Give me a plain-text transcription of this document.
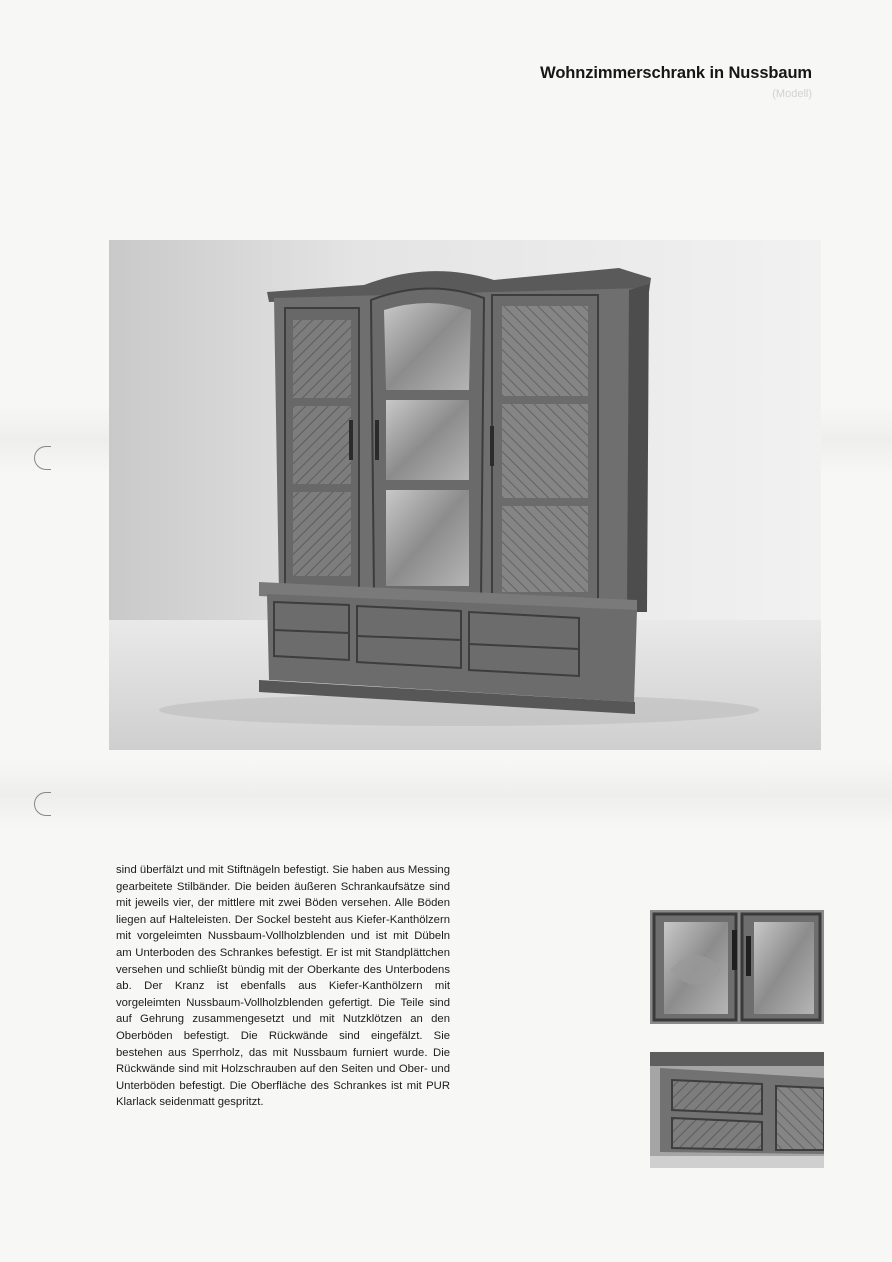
Wohnzimmerschrank in Nussbaum
(Modell)

sind überfälzt und mit Stiftnägeln befestigt. Sie haben aus Messing gearbeitete Stilbänder. Die beiden äußeren Schrankaufsätze sind mit jeweils vier, der mittlere mit zwei Böden versehen. Alle Böden liegen auf Halteleisten. Der Sockel besteht aus Kiefer-Kanthölzern mit vorgeleimten Nussbaum-Vollholzblenden und ist mit Dübeln am Unterboden des Schrankes befestigt. Er ist mit Standplättchen versehen und schließt bündig mit der Oberkante des Unterbodens ab. Der Kranz ist ebenfalls aus Kiefer-Kanthölzern mit vorgeleimten Nussbaum-Vollholzblenden gefertigt. Die Teile sind auf Gehrung zusammengesetzt und mit Nutzklötzen an den Oberböden befestigt. Die Rückwände sind eingefälzt. Sie bestehen aus Sperrholz, das mit Nussbaum furniert wurde. Die Rückwände sind mit Holzschrauben auf den Seiten und Ober- und Unterböden befestigt. Die Oberfläche des Schrankes ist mit PUR Klarlack seidenmatt gespritzt.
